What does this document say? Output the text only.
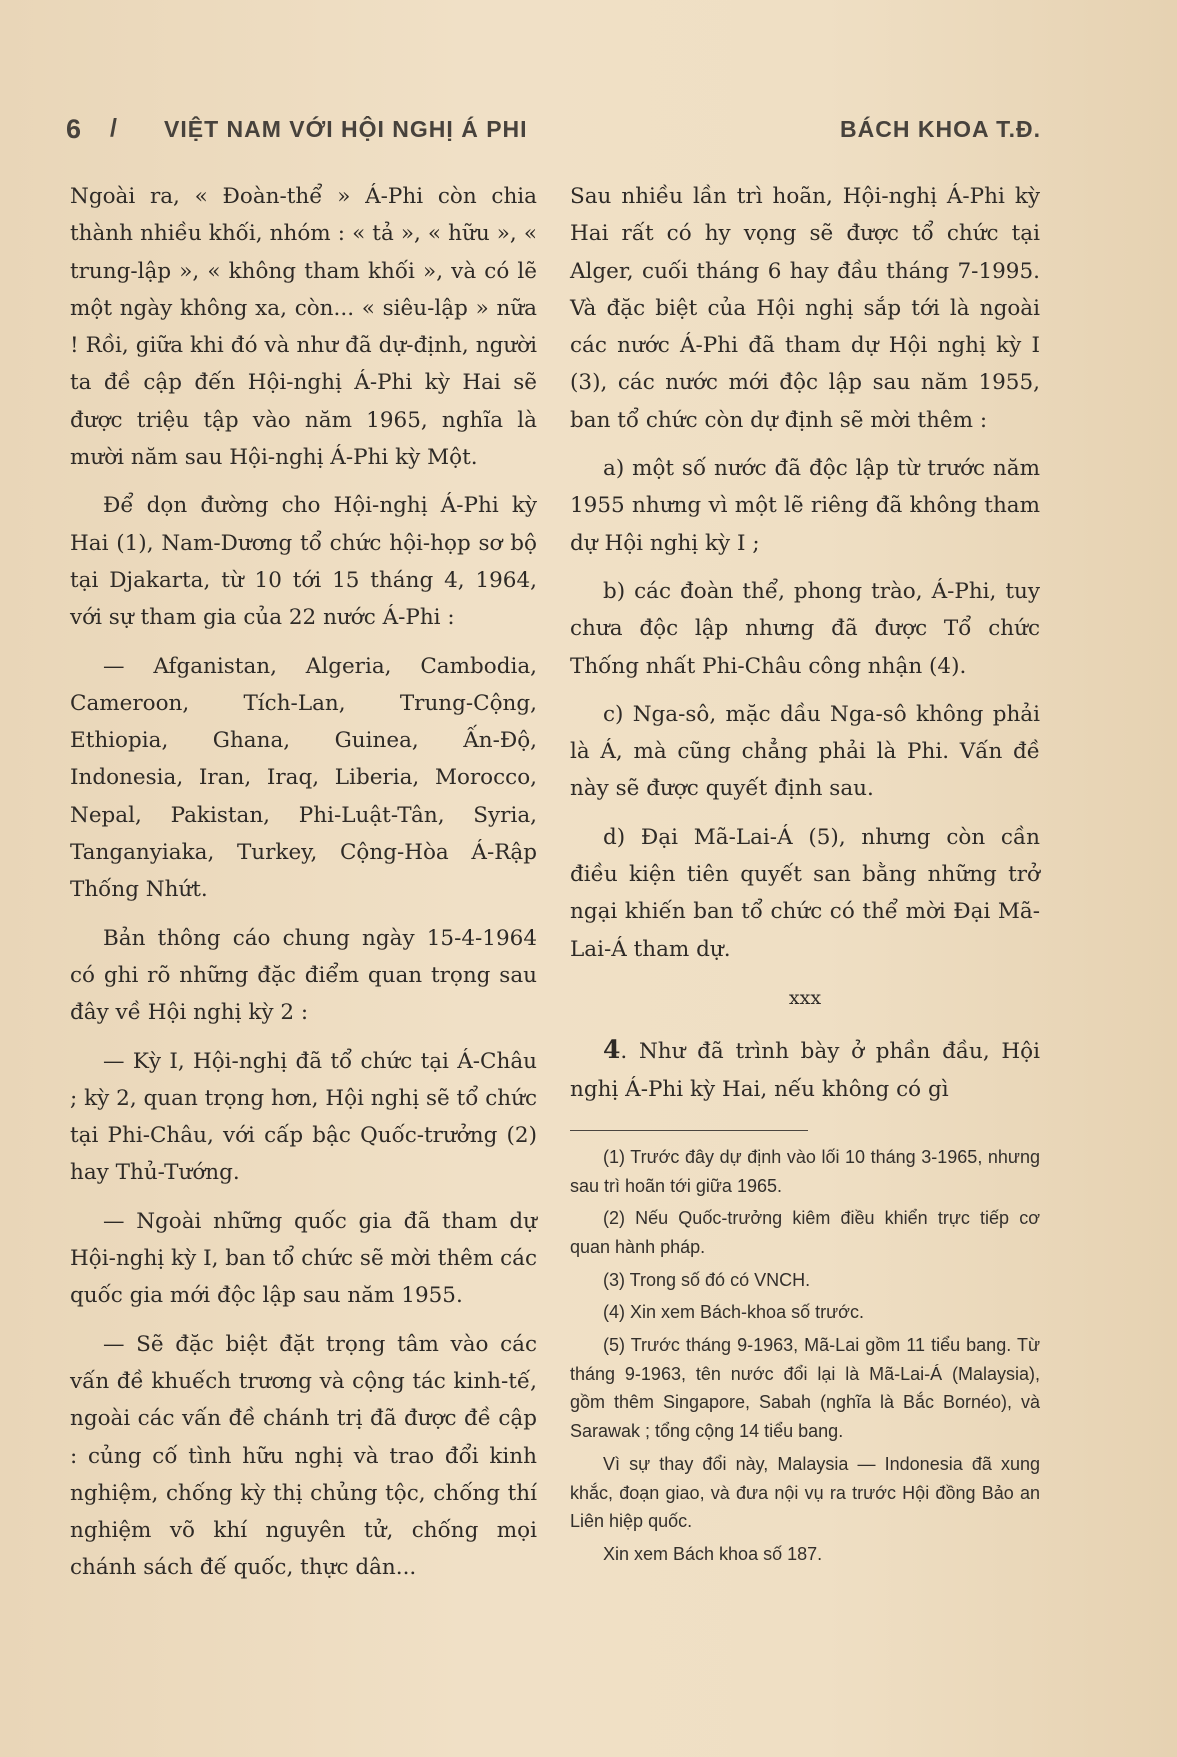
6 / VIỆT NAM VỚI HỘI NGHỊ Á PHI	BÁCH KHOA T.Đ.

Ngoài ra, « Đoàn-thể » Á-Phi còn chia thành nhiều khối, nhóm : « tả », « hữu », « trung-lập », « không tham khối », và có lẽ một ngày không xa, còn... « siêu-lập » nữa ! Rồi, giữa khi đó và như đã dự-định, người ta đề cập đến Hội-nghị Á-Phi kỳ Hai sẽ được triệu tập vào năm 1965, nghĩa là mười năm sau Hội-nghị Á-Phi kỳ Một.

Để dọn đường cho Hội-nghị Á-Phi kỳ Hai (1), Nam-Dương tổ chức hội-họp sơ bộ tại Djakarta, từ 10 tới 15 tháng 4, 1964, với sự tham gia của 22 nước Á-Phi :

— Afganistan, Algeria, Cambodia, Cameroon, Tích-Lan, Trung-Cộng, Ethiopia, Ghana, Guinea, Ấn-Độ, Indonesia, Iran, Iraq, Liberia, Morocco, Nepal, Pakistan, Phi-Luật-Tân, Syria, Tanganyiaka, Turkey, Cộng-Hòa Á-Rập Thống Nhứt.

Bản thông cáo chung ngày 15-4-1964 có ghi rõ những đặc điểm quan trọng sau đây về Hội nghị kỳ 2 :

— Kỳ I, Hội-nghị đã tổ chức tại Á-Châu ; kỳ 2, quan trọng hơn, Hội nghị sẽ tổ chức tại Phi-Châu, với cấp bậc Quốc-trưởng (2) hay Thủ-Tướng.

— Ngoài những quốc gia đã tham dự Hội-nghị kỳ I, ban tổ chức sẽ mời thêm các quốc gia mới độc lập sau năm 1955.

— Sẽ đặc biệt đặt trọng tâm vào các vấn đề khuếch trương và cộng tác kinh-tế, ngoài các vấn đề chánh trị đã được đề cập : củng cố tình hữu nghị và trao đổi kinh nghiệm, chống kỳ thị chủng tộc, chống thí nghiệm võ khí nguyên tử, chống mọi chánh sách đế quốc, thực dân...

Sau nhiều lần trì hoãn, Hội-nghị Á-Phi kỳ Hai rất có hy vọng sẽ được tổ chức tại Alger, cuối tháng 6 hay đầu tháng 7-1995. Và đặc biệt của Hội nghị sắp tới là ngoài các nước Á-Phi đã tham dự Hội nghị kỳ I (3), các nước mới độc lập sau năm 1955, ban tổ chức còn dự định sẽ mời thêm :

a) một số nước đã độc lập từ trước năm 1955 nhưng vì một lẽ riêng đã không tham dự Hội nghị kỳ I ;

b) các đoàn thể, phong trào, Á-Phi, tuy chưa độc lập nhưng đã được Tổ chức Thống nhất Phi-Châu công nhận (4).

c) Nga-sô, mặc dầu Nga-sô không phải là Á, mà cũng chẳng phải là Phi. Vấn đề này sẽ được quyết định sau.

d) Đại Mã-Lai-Á (5), nhưng còn cần điều kiện tiên quyết san bằng những trở ngại khiến ban tổ chức có thể mời Đại Mã-Lai-Á tham dự.

xxx

4. Như đã trình bày ở phần đầu, Hội nghị Á-Phi kỳ Hai, nếu không có gì

(1) Trước đây dự định vào lối 10 tháng 3-1965, nhưng sau trì hoãn tới giữa 1965.

(2) Nếu Quốc-trưởng kiêm điều khiển trực tiếp cơ quan hành pháp.

(3) Trong số đó có VNCH.

(4) Xin xem Bách-khoa số trước.

(5) Trước tháng 9-1963, Mã-Lai gồm 11 tiểu bang. Từ tháng 9-1963, tên nước đổi lại là Mã-Lai-Á (Malaysia), gồm thêm Singapore, Sabah (nghĩa là Bắc Bornéo), và Sarawak ; tổng cộng 14 tiểu bang.

Vì sự thay đổi này, Malaysia — Indonesia đã xung khắc, đoạn giao, và đưa nội vụ ra trước Hội đồng Bảo an Liên hiệp quốc.

Xin xem Bách khoa số 187.
